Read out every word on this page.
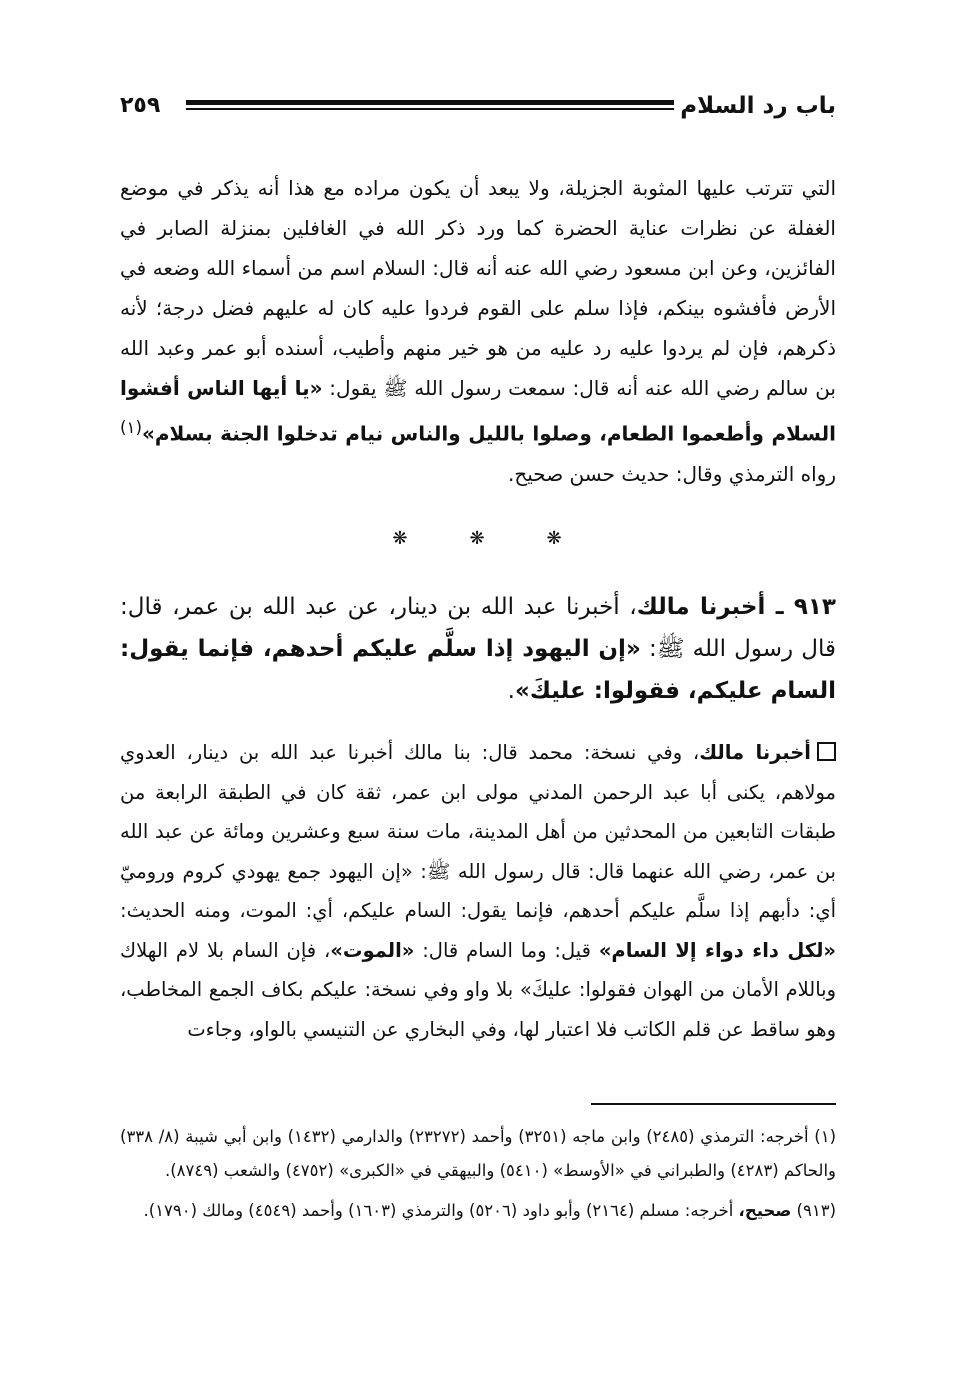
باب رد السلام
٢٥٩
التي تترتب عليها المثوبة الجزيلة، ولا يبعد أن يكون مراده مع هذا أنه يذكر في موضع الغفلة عن نظرات عناية الحضرة كما ورد ذكر الله في الغافلين بمنزلة الصابر في الفائزين، وعن ابن مسعود رضي الله عنه أنه قال: السلام اسم من أسماء الله وضعه في الأرض فأفشوه بينكم، فإذا سلم على القوم فردوا عليه كان له عليهم فضل درجة؛ لأنه ذكرهم، فإن لم يردوا عليه رد عليه من هو خير منهم وأطيب، أسنده أبو عمر وعبد الله بن سالم رضي الله عنه أنه قال: سمعت رسول الله ﷺ يقول: «يا أيها الناس أفشوا السلام وأطعموا الطعام، وصلوا بالليل والناس نيام تدخلوا الجنة بسلام»$^{(١)}$ رواه الترمذي وقال: حديث حسن صحيح.
❋❋❋
٩١٣ ـ أخبرنا مالك، أخبرنا عبد الله بن دينار، عن عبد الله بن عمر، قال: قال رسول الله ﷺ: «إن اليهود إذا سلَّم عليكم أحدهم، فإنما يقول: السام عليكم، فقولوا: عليكَ».
أخبرنا مالك، وفي نسخة: محمد قال: بنا مالك أخبرنا عبد الله بن دينار، العدوي مولاهم، يكنى أبا عبد الرحمن المدني مولى ابن عمر، ثقة كان في الطبقة الرابعة من طبقات التابعين من المحدثين من أهل المدينة، مات سنة سبع وعشرين ومائة عن عبد الله بن عمر، رضي الله عنهما قال: قال رسول الله ﷺ: «إن اليهود جمع يهودي كروم وروميّ أي: دأبهم إذا سلَّم عليكم أحدهم، فإنما يقول: السام عليكم، أي: الموت، ومنه الحديث: «لكل داء دواء إلا السام» قيل: وما السام قال: «الموت»، فإن السام بلا لام الهلاك وباللام الأمان من الهوان فقولوا: عليكَ» بلا واو وفي نسخة: عليكم بكاف الجمع المخاطب، وهو ساقط عن قلم الكاتب فلا اعتبار لها، وفي البخاري عن التنيسي بالواو، وجاءت
(١) أخرجه: الترمذي (٢٤٨٥) وابن ماجه (٣٢٥١) وأحمد (٢٣٢٧٢) والدارمي (١٤٣٢) وابن أبي شيبة (٨/ ٣٣٨) والحاكم (٤٢٨٣) والطبراني في «الأوسط» (٥٤١٠) والبيهقي في «الكبرى» (٤٧٥٢) والشعب (٨٧٤٩).
(٩١٣) صحيح، أخرجه: مسلم (٢١٦٤) وأبو داود (٥٢٠٦) والترمذي (١٦٠٣) وأحمد (٤٥٤٩) ومالك (١٧٩٠).
